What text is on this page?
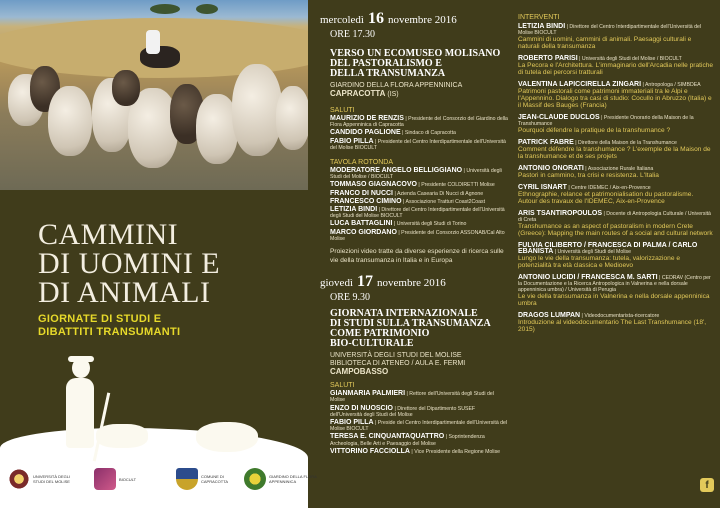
CAMMINI
DI UOMINI E
DI ANIMALI
GIORNATE DI STUDI E
DIBATTITI TRANSUMANTI
UNIVERSITÀ DEGLI STUDI DEL MOLISE	BIOCULT	COMUNE DI CAPRACOTTA
GIARDINO DELLA FLORA APPENNINICA
mercoledì 16 novembre 2016
ORE 17.30
VERSO UN ECOMUSEO MOLISANO
DEL PASTORALISMO E
DELLA TRANSUMANZA
GIARDINO DELLA FLORA APPENNINICA
CAPRACOTTA (IS)
SALUTI
MAURIZIO DE RENZIS | Presidente del Consorzio del Giardino della Flora Appenninica di Capracotta
CANDIDO PAGLIONE | Sindaco di Capracotta
FABIO PILLA | Presidente del Centro Interdipartimentale dell'Università del Molise BIOCULT
TAVOLA ROTONDA
MODERATORE ANGELO BELLIGGIANO | Università degli Studi del Molise / BIOCULT
TOMMASO GIAGNACOVO | Presidente COLDIRETTI Molise
FRANCO DI NUCCI | Azienda Casearia Di Nucci di Agnone
FRANCESCO CIMINO | Associazione Tratturi Coast2Coast
LETIZIA BINDI | Direttore del Centro Interdipartimentale dell'Università degli Studi del Molise BIOCULT
LUCA BATTAGLINI | Università degli Studi di Torino
MARCO GIORDANO | Presidente del Consorzio ASSONAB/Cal Alto Molise
Proiezioni video tratte da diverse esperienze di ricerca sulle vie della transumanza in Italia e in Europa
giovedì 17 novembre 2016
ORE 9.30
GIORNATA INTERNAZIONALE
DI STUDI SULLA TRANSUMANZA
COME PATRIMONIO
BIO-CULTURALE
UNIVERSITÀ DEGLI STUDI DEL MOLISE
BIBLIOTECA DI ATENEO / AULA E. FERMI
CAMPOBASSO
SALUTI
GIANMARIA PALMIERI | Rettore dell'Università degli Studi del Molise
ENZO DI NUOSCIO | Direttore del Dipartimento SUSEF dell'Università degli Studi del Molise
FABIO PILLA | Preside del Centro Interdipartimentale dell'Università del Molise BIOCULT
TERESA E. CINQUANTAQUATTRO | Soprintendenza Archeologia, Belle Arti e Paesaggio del Molise
VITTORINO FACCIOLLA | Vice Presidente della Regione Molise
INTERVENTI
LETIZIA BINDI | Direttore del Centro Interdipartimentale dell'Università del Molise BIOCULT
Cammini di uomini, cammini di animali. Paesaggi culturali e naturali della transumanza
ROBERTO PARISI | Università degli Studi del Molise / BIOCULT
La Pecora e l'Architettura. L'immaginario dell'Arcadia nelle pratiche di tutela dei percorsi tratturali
VALENTINA LAPICCIRELLA ZINGARI | Antropologa / SIMBDEA
Patrimoni pastorali come patrimoni immateriali tra le Alpi e l'Appennino. Dialogo tra casi di studio: Cocullo in Abruzzo (Italia) e il Massif des Bauges (Francia)
JEAN-CLAUDE DUCLOS | Presidente Onorario della Maison de la Transhumance
Pourquoi défendre la pratique de la transhumance ?
PATRICK FABRE | Direttore della Maison de la Transhumance
Comment défendre la transhumance ? L'exemple de la Maison de la transhumance et de ses projets
ANTONIO ONORATI | Associazione Rurale Italiana
Pastori in cammino, tra crisi e resistenza. L'Italia
CYRIL ISNART | Centre IDEMEC / Aix-en-Provence
Ethnographie, relance et patrimonialisation du pastoralisme. Autour des travaux de l'IDEMEC, Aix-en-Provence
ARIS TSANTIROPOULOS | Docente di Antropologia Culturale / Università di Creta
Transhumance as an aspect of pastoralism in modern Crete (Greece): Mapping the main routes of a social and cultural network
FULVIA CILIBERTO / FRANCESCA DI PALMA / CARLO EBANISTA | Università degli Studi del Molise
Lungo le vie della transumanza: tutela, valorizzazione e potenzialità tra età classica e Medioevo
ANTONIO LUCIDI / FRANCESCA M. SARTI | CEDRAV (Centro per la Documentazione e la Ricerca Antropologica in Valnerina e nella dorsale appenninica umbra) / Università di Perugia
Le vie della transumanza in Valnerina e nella dorsale appenninica umbra
DRAGOS LUMPAN | Videodocumentarista-ricercatore
Introduzione al videodocumentario The Last Transhumance (18', 2015)
f
